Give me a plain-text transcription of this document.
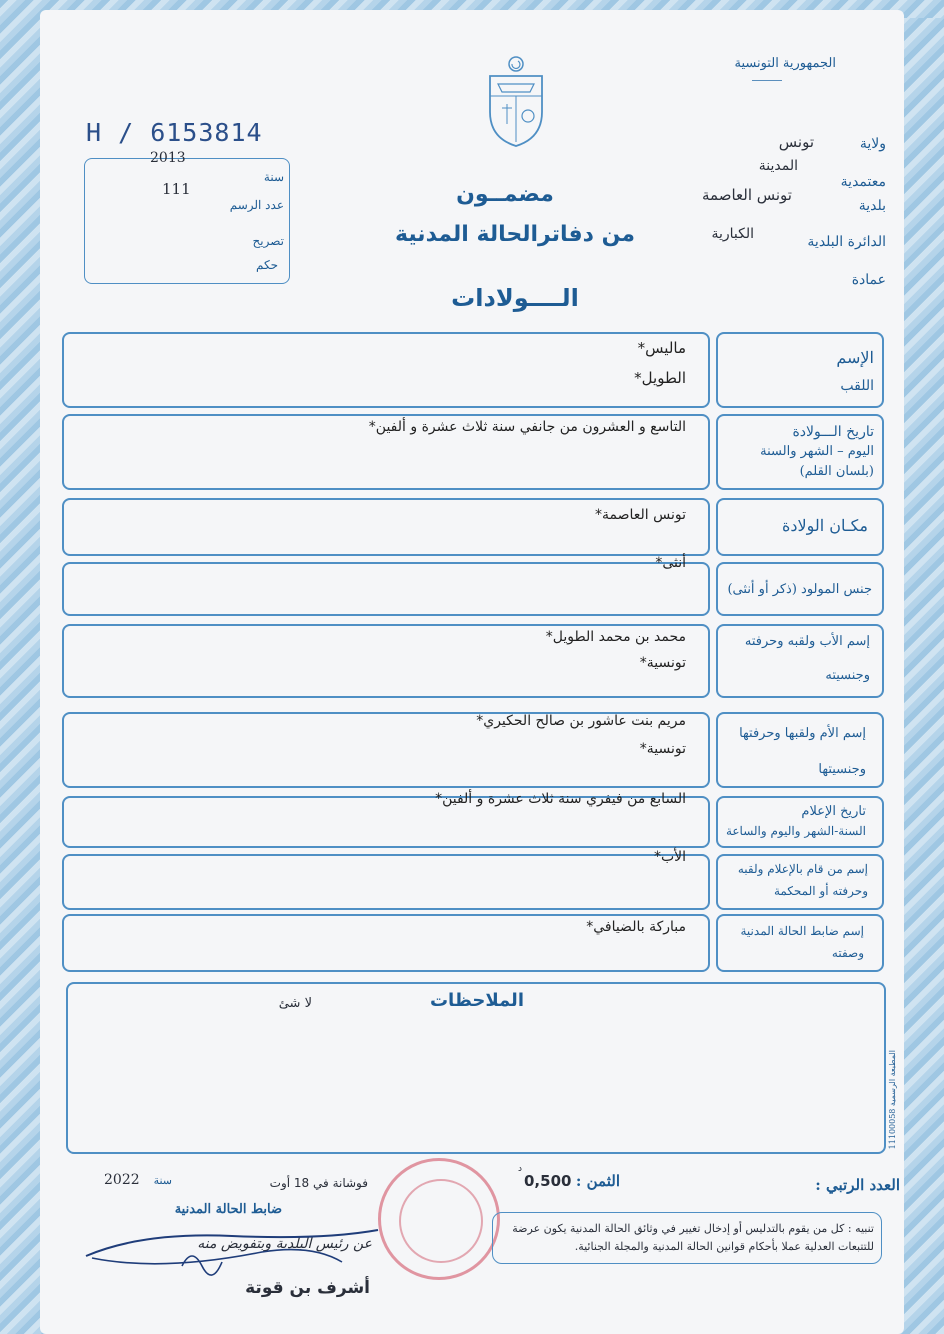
الجمهورية التونسية
ولاية
تونس
المدينة
معتمدية
تونس العاصمة
بلدية
الكبارية	الدائرة البلدية
عمادة
H / 6153814
2013
سنة
111
عدد الرسم
تصريح
حكم
مضمــون
من دفاترالحالة المدنية
الــــولادات
الإسم
اللقب
ماليس*
الطويل*
تاريخ الـــولادة
اليوم – الشهر والسنة
(بلسان القلم)
التاسع و العشرون من جانفي سنة ثلاث عشرة و ألفين*
مكـان الولادة
تونس العاصمة*
جنس المولود (ذكر أو أنثى)
أنثى*
إسم الأب ولقبه وحرفته
وجنسيته
محمد بن محمد الطويل*
تونسية*
إسم الأم ولقبها وحرفتها
وجنسيتها
مريم بنت عاشور بن صالح الحكيري*
تونسية*
تاريخ الإعلام
السنة-الشهر واليوم والساعة
السابع من فيفري سنة ثلاث عشرة و ألفين*
إسم من قام بالإعلام ولقبه
وحرفته أو المحكمة
الأب*
إسم ضابط الحالة المدنية
وصفته
مباركة بالضيافي*
الملاحظات
لا شئ
المطبعة الرسمية 11100058
العدد الرتبي :
الثمن :
0,500
د
فوشانة في 18 أوت
سنة
2022
ضابط الحالة المدنية
عن رئيس البلدية وبتفويض منه
أشرف بن قوتة
تنبيه : كل من يقوم بالتدليس أو إدخال تغيير في وثائق الحالة المدنية يكون عرضة للتتبعات العدلية عملا بأحكام قوانين الحالة المدنية والمجلة الجنائية.
